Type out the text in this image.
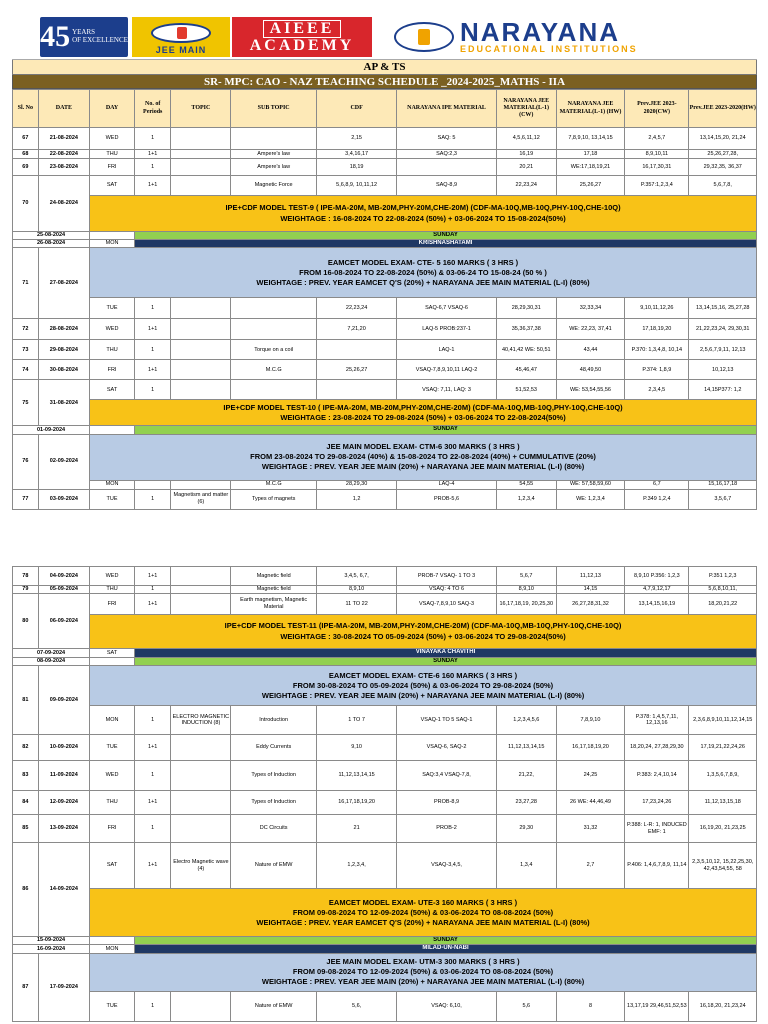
45 YEARS
OF EXCELLENCE
JEE MAIN
AIEEE
ACADEMY	NARAYANA
EDUCATIONAL INSTITUTIONS
AP & TS
SR- MPC: CAO - NAZ TEACHING SCHEDULE _2024-2025_MATHS - IIA
Sl. No	DATE	DAY	No. of Periods	TOPIC	SUB TOPIC	CDF	NARAYANA IPE MATERIAL	NARAYANA JEE MATERIAL(L-1) (CW)	NARAYANA JEE MATERIAL(L-1) (HW)	Prev.JEE 2023-2020(CW)	Prev.JEE 2023-2020(HW)
67	21-08-2024	WED	1			2,15	SAQ: 5	4,5,6,11,12	7,8,9,10, 13,14,15	2,4,5,7	13,14,15,20, 21,24
68	22-08-2024	THU	1+1		Ampere's law	3,4,16,17	SAQ:2,3	16,19	17,18	8,9,10,11	25,26,27,28,
69	23-08-2024	FRI	1		Ampere's law	18,19		20,21	WE:17,18,19,21	16,17,30,31	29,32,35, 36,37
70	24-08-2024	SAT	1+1		Magnetic Force	5,6,8,9, 10,11,12	SAQ-8,9	22,23,24	25,26,27	P.357:1,2,3,4	5,6,7,8,

		IPE+CDF MODEL TEST-9 ( IPE-MA-20M, MB-20M,PHY-20M,CHE-20M) (CDF-MA-10Q,MB-10Q,PHY-10Q,CHE-10Q)
WEIGHTAGE : 16-08-2024 TO 22-08-2024 (50%) + 03-06-2024 TO 15-08-2024(50%)									

25-08-2024			SUNDAY								
26-08-2024		MON	KRISHNASHATAMI								
71	27-08-2024	EAMCET MODEL EXAM- CTE- 5 160 MARKS ( 3 HRS )
FROM 16-08-2024 TO 22-08-2024 (50%) & 03-06-24 TO 15-08-24 (50 % )
WEIGHTAGE : PREV. YEAR EAMCET Q'S (20%) + NARAYANA JEE MAIN MATERIAL (L-I) (80%)									

		TUE	1			22,23,24	SAQ-6,7 VSAQ-6	28,29,30,31	32,33,34	9,10,11,12,26	13,14,15,16, 25,27,28
72	28-08-2024	WED	1+1			7,21,20	LAQ-5 PROB:237-1	35,36,37,38	WE: 22,23, 37,41	17,18,19,20	21,22,23,24, 29,30,31
73	29-08-2024	THU	1		Torque on a coil		LAQ-1	40,41,42 WE: 50,51	43,44	P.370: 1,3,4,8, 10,14	2,5,6,7,9,11, 12,13
74	30-08-2024	FRI	1+1		M.C.G	25,26,27	VSAQ-7,8,9,10,11 LAQ-2	45,46,47	48,49,50	P.374: 1,8,9	10,12,13
75	31-08-2024	SAT	1				VSAQ: 7,11, LAQ: 3	51,52,53	WE: 53,54,55,56	2,3,4,5	14,15P377: 1,2

		IPE+CDF MODEL TEST-10 ( IPE-MA-20M, MB-20M,PHY-20M,CHE-20M) (CDF-MA-10Q,MB-10Q,PHY-10Q,CHE-10Q)
WEIGHTAGE : 23-08-2024 TO 29-08-2024 (50%) + 03-06-2024 TO 22-08-2024(50%)									

01-09-2024			SUNDAY								
76	02-09-2024	JEE MAIN MODEL EXAM- CTM-6 300 MARKS ( 3 HRS )
FROM 23-08-2024 TO 29-08-2024 (40%) & 15-08-2024 TO 22-08-2024 (40%) + CUMMULATIVE (20%)
WEIGHTAGE : PREV. YEAR JEE MAIN (20%) + NARAYANA JEE MAIN MATERIAL (L-I) (80%)									

		MON			M.C.G	28,29,30	LAQ-4	54,55	WE: 57,58,59,60	6,7	15,16,17,18
77	03-09-2024	TUE	1	Magnetism and matter (6)	Types of magnets	1,2	PROB-5,6	1,2,3,4	WE: 1,2,3,4	P.349 1,2,4	3,5,6,7
78	04-09-2024	WED	1+1		Magnetic field	3,4,5, 6,7,	PROB-7 VSAQ- 1 TO 3	5,6,7	11,12,13	8,9,10 P.356: 1,2,3	P.351 1,2,3
79	05-09-2024	THU	1		Magnetic field	8,9,10	VSAQ: 4 TO 6	8,9,10	14,15	4,7,9,12,17	5,6,8,10,11,
80	06-09-2024	FRI	1+1		Earth magnetism, Magnetic Material	11 TO 22	VSAQ-7,8,9,10 SAQ-3	16,17,18,19, 20,25,30	26,27,28,31,32	13,14,15,16,19	18,20,21,22

		IPE+CDF MODEL TEST-11 (IPE-MA-20M, MB-20M,PHY-20M,CHE-20M) (CDF-MA-10Q,MB-10Q,PHY-10Q,CHE-10Q)
WEIGHTAGE : 30-08-2024 TO 05-09-2024 (50%) + 03-06-2024 TO 29-08-2024(50%)									

07-09-2024		SAT	VINAYAKA CHAVITHI								
08-09-2024			SUNDAY								
81	09-09-2024	EAMCET MODEL EXAM- CTE-6 160 MARKS ( 3 HRS )
FROM 30-08-2024 TO 05-09-2024 (50%) & 03-06-2024 TO 29-08-2024 (50%)
WEIGHTAGE : PREV. YEAR JEE MAIN (20%) + NARAYANA JEE MAIN MATERIAL (L-I) (80%)									

		MON	1	ELECTRO MAGNETIC INDUCTION (8)	Introduction	1 TO 7	VSAQ-1 TO 5 SAQ-1	1,2,3,4,5,6	7,8,9,10	P.378: 1,4,5,7,11, 12,13,16	2,3,6,8,9,10,11,12,14,15
82	10-09-2024	TUE	1+1		Eddy Currents	9,10	VSAQ-6, SAQ-2	11,12,13,14,15	16,17,18,19,20	18,20,24, 27,28,29,30	17,19,21,22,24,26
83	11-09-2024	WED	1		Types of Induction	11,12,13,14,15	SAQ:3,4 VSAQ-7,8,	21,22,	24,25	P.383: 2,4,10,14	1,3,5,6,7,8,9,
84	12-09-2024	THU	1+1		Types of Induction	16,17,18,19,20	PROB-8,9	23,27,28	26 WE: 44,46,49	17,23,24,26	11,12,13,15,18
85	13-09-2024	FRI	1		DC Circuits	21	PROB-2	29,30	31,32	P.388: L-R: 1, INDUCED EMF: 1	16,19,20, 21,23,25
86	14-09-2024	SAT	1+1	Electro Magnetic wave (4)	Nature of EMW	1,2,3,4,	VSAQ-3,4,5,	1,3,4	2,7	P.406: 1,4,6,7,8,9, 11,14	2,3,5,10,12, 15,22,25,30, 42,43,54,55, 58

		EAMCET MODEL EXAM- UTE-3 160 MARKS ( 3 HRS )
FROM 09-08-2024 TO 12-09-2024 (50%) & 03-06-2024 TO 08-08-2024 (50%)
WEIGHTAGE : PREV. YEAR EAMCET Q'S (20%) + NARAYANA JEE MAIN MATERIAL (L-I) (80%)									

15-09-2024			SUNDAY								
16-09-2024		MON	MILAD-UN-NABI								
87	17-09-2024	JEE MAIN MODEL EXAM- UTM-3 300 MARKS ( 3 HRS )
FROM 09-08-2024 TO 12-09-2024 (50%) & 03-06-2024 TO 08-08-2024 (50%)
WEIGHTAGE : PREV. YEAR JEE MAIN (20%) + NARAYANA JEE MAIN MATERIAL (L-I) (80%)									

		TUE	1		Nature of EMW	5,6,	VSAQ: 6,10,	5,6	8	13,17,19 29,46,51,52,53	16,18,20, 21,23,24
